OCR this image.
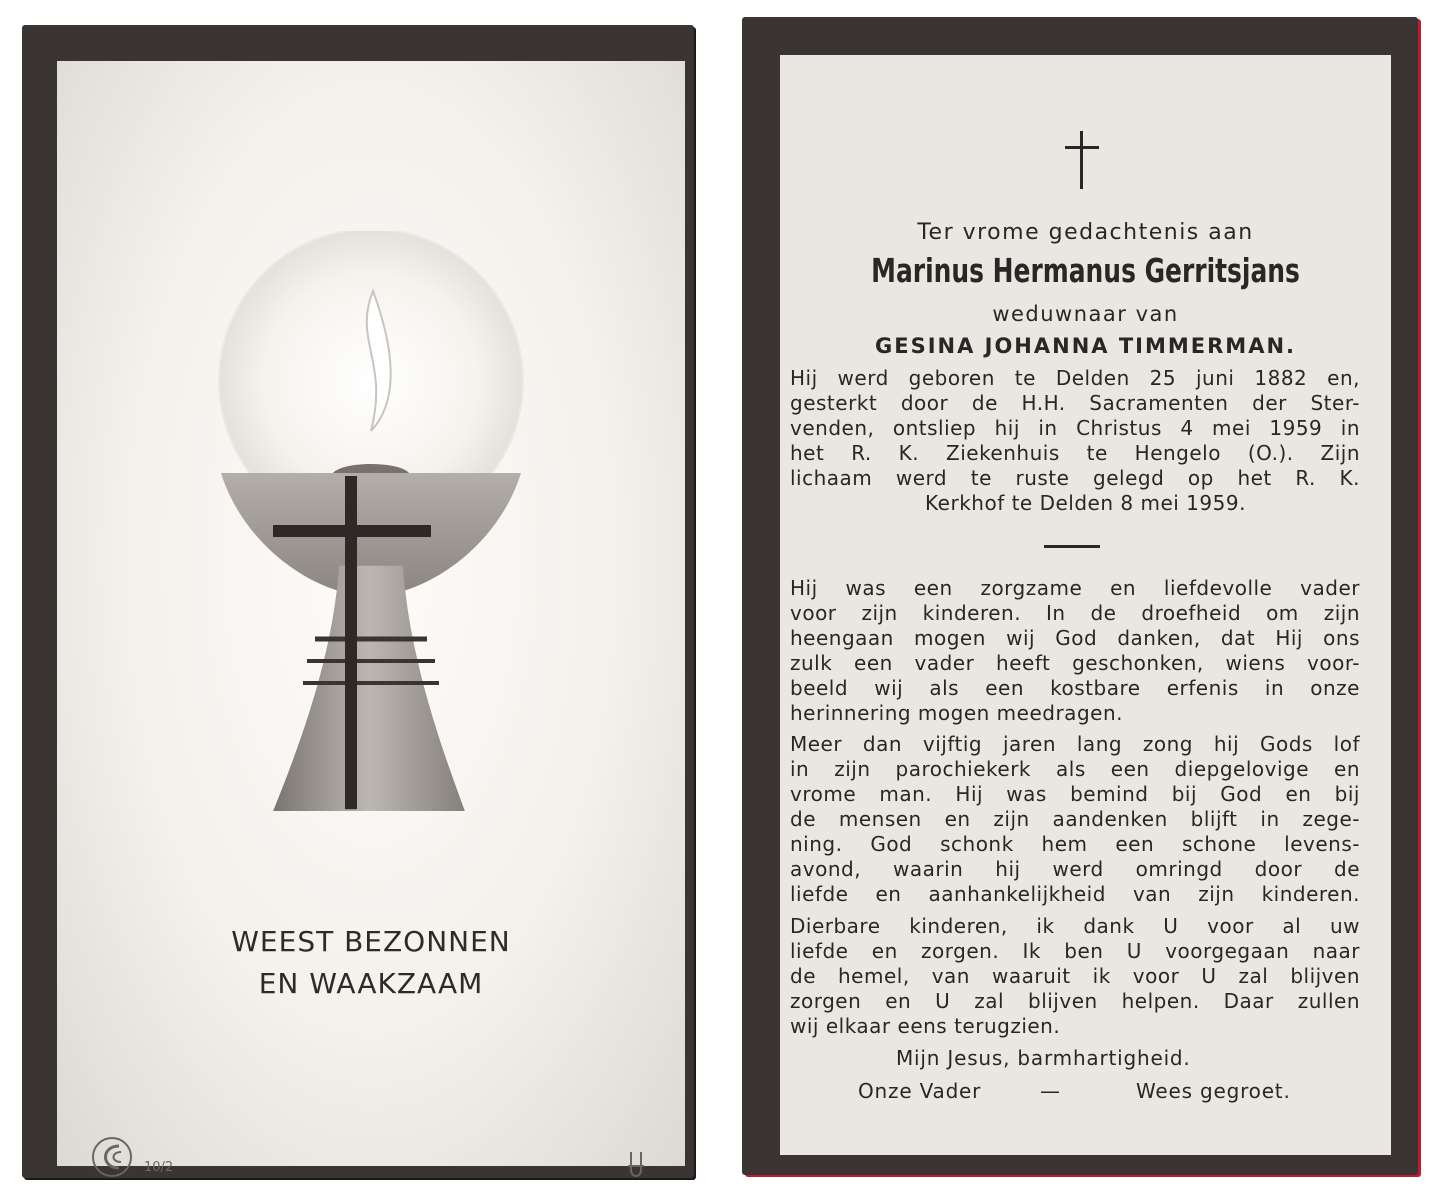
WEEST BEZONNEN
EN WAAKZAAM
10/2
Ter vrome gedachtenis aan
Marinus Hermanus Gerritsjans
weduwnaar van
GESINA JOHANNA TIMMERMAN.
Hij werd geboren te Delden 25 juni 1882 en,
gesterkt door de H.H. Sacramenten der Ster-
venden, ontsliep hij in Christus 4 mei 1959 in
het R. K. Ziekenhuis te Hengelo (O.). Zijn
lichaam werd te ruste gelegd op het R. K.
Kerkhof te Delden 8 mei 1959.
Hij was een zorgzame en liefdevolle vader
voor zijn kinderen. In de droefheid om zijn
heengaan mogen wij God danken, dat Hij ons
zulk een vader heeft geschonken, wiens voor-
beeld wij als een kostbare erfenis in onze
herinnering mogen meedragen.
Meer dan vijftig jaren lang zong hij Gods lof
in zijn parochiekerk als een diepgelovige en
vrome man. Hij was bemind bij God en bij
de mensen en zijn aandenken blijft in zege-
ning. God schonk hem een schone levens-
avond, waarin hij werd omringd door de
liefde en aanhankelijkheid van zijn kinderen.
Dierbare kinderen, ik dank U voor al uw
liefde en zorgen. Ik ben U voorgegaan naar
de hemel, van waaruit ik voor U zal blijven
zorgen en U zal blijven helpen. Daar zullen
wij elkaar eens terugzien.
Mijn Jesus, barmhartigheid.
Onze Vader	—	Wees gegroet.
